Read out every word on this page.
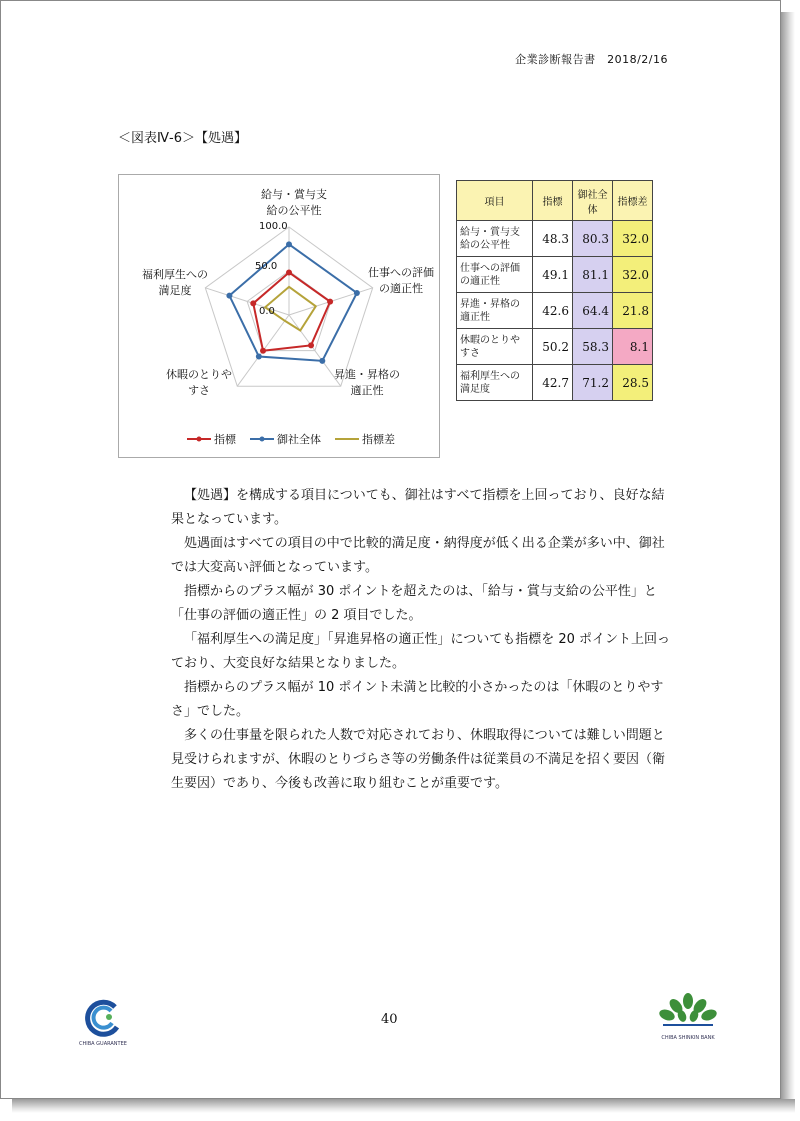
企業診断報告書　2018/2/16
＜図表Ⅳ-6＞【処遇】
給与・賞与支
給の公平性
仕事への評価
の適正性
昇進・昇格の
適正性
休暇のとりや
すさ
福利厚生への
満足度
100.0
50.0
0.0
指標	御社全体	指標差
項目	指標	御社全体	指標差
給与・賞与支給の公平性	48.3	80.3	32.0
仕事への評価の適正性	49.1	81.1	32.0
昇進・昇格の適正性	42.6	64.4	21.8
休暇のとりやすさ	50.2	58.3	8.1
福利厚生への満足度	42.7	71.2	28.5

【処遇】を構成する項目についても、御社はすべて指標を上回っており、良好な結果となっています。

処遇面はすべての項目の中で比較的満足度・納得度が低く出る企業が多い中、御社では大変高い評価となっています。

指標からのプラス幅が 30 ポイントを超えたのは、「給与・賞与支給の公平性」と「仕事の評価の適正性」の 2 項目でした。

「福利厚生への満足度」「昇進昇格の適正性」についても指標を 20 ポイント上回っており、大変良好な結果となりました。

指標からのプラス幅が 10 ポイント未満と比較的小さかったのは「休暇のとりやすさ」でした。

多くの仕事量を限られた人数で対応されており、休暇取得については難しい問題と見受けられますが、休暇のとりづらさ等の労働条件は従業員の不満足を招く要因（衛生要因）であり、今後も改善に取り組むことが重要です。

CHIBA GUARANTEE
40
CHIBA SHINKIN BANK
